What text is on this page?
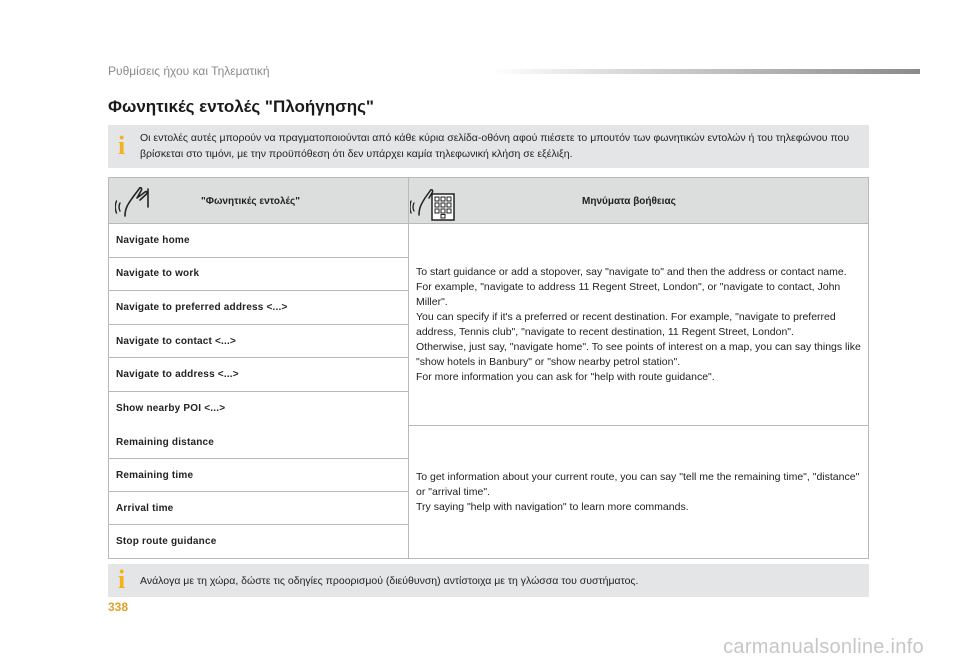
Ρυθμίσεις ήχου και Τηλεματική
Φωνητικές εντολές "Πλοήγησης"
i Οι εντολές αυτές μπορούν να πραγματοποιούνται από κάθε κύρια σελίδα-οθόνη αφού πιέσετε το μπουτόν των φωνητικών εντολών ή του τηλεφώνου που βρίσκεται στο τιμόνι, με την προϋπόθεση ότι δεν υπάρχει καμία τηλεφωνική κλήση σε εξέλιξη.
"Φωνητικές εντολές"	Μηνύματα βοήθειας
Navigate home
Navigate to work
Navigate to preferred address <...>
Navigate to contact <...>
Navigate to address <...>
Show nearby POI <...>

To start guidance or add a stopover, say "navigate to" and then the address or contact name. For example, "navigate to address 11 Regent Street, London", or "navigate to contact, John Miller".
You can specify if it's a preferred or recent destination. For example, "navigate to preferred address, Tennis club", "navigate to recent destination, 11 Regent Street, London".
Otherwise, just say, "navigate home". To see points of interest on a map, you can say things like "show hotels in Banbury" or "show nearby petrol station".
For more information you can ask for "help with route guidance".

Remaining distance
Remaining time
Arrival time
Stop route guidance

To get information about your current route, you can say "tell me the remaining time", "distance" or "arrival time".
Try saying "help with navigation" to learn more commands.

i Ανάλογα με τη χώρα, δώστε τις οδηγίες προορισμού (διεύθυνση) αντίστοιχα με τη γλώσσα του συστήματος.
338
carmanualsonline.info
